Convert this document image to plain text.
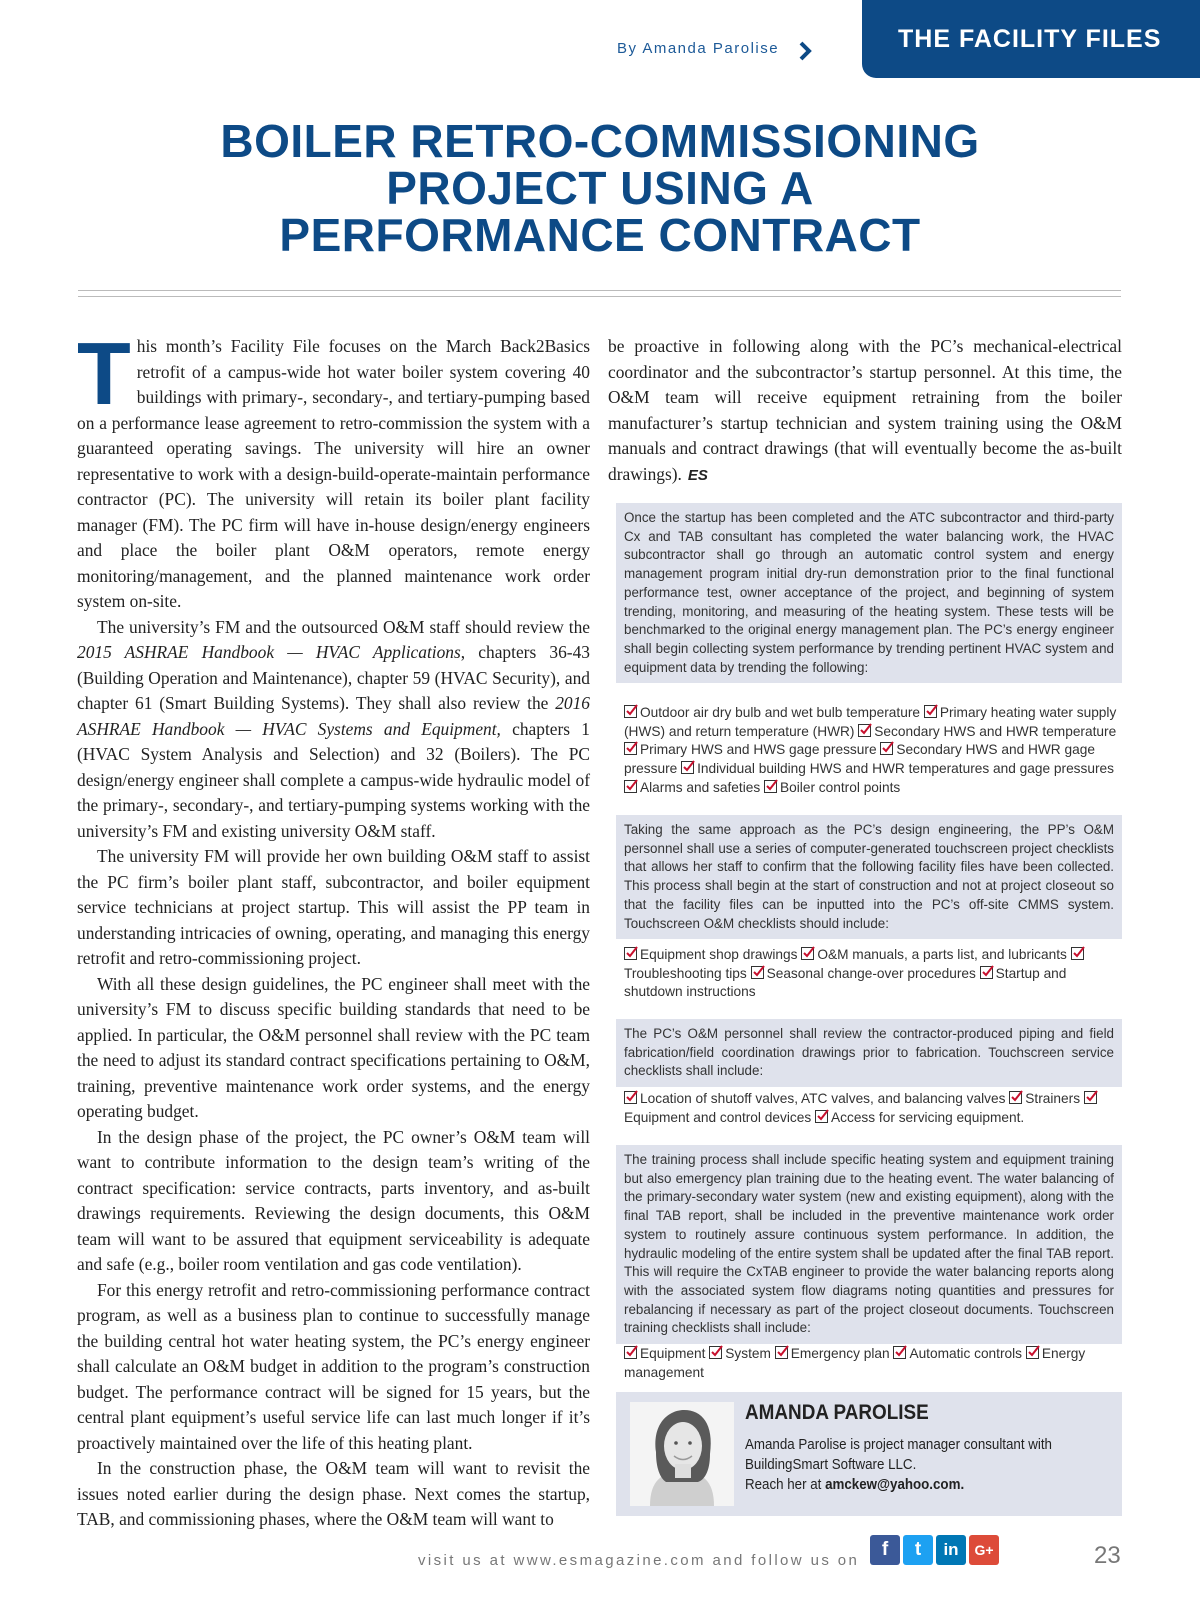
By Amanda Parolise	THE FACILITY FILES
BOILER RETRO-COMMISSIONING
PROJECT USING A
PERFORMANCE CONTRACT

This month’s Facility File focuses on the March Back2Basics retrofit of a campus-wide hot water boiler system covering 40 buildings with primary-, secondary-, and tertiary-pumping based on a performance lease agreement to retro-commission the system with a guaranteed operating savings. The university will hire an owner representative to work with a design-build-operate-maintain performance contractor (PC). The university will retain its boiler plant facility manager (FM). The PC firm will have in-house design/energy engineers and place the boiler plant O&M operators, remote energy monitoring/management, and the planned maintenance work order system on-site.

The university’s FM and the outsourced O&M staff should review the 2015 ASHRAE Handbook — HVAC Applications, chapters 36-43 (Building Operation and Maintenance), chapter 59 (HVAC Security), and chapter 61 (Smart Building Systems). They shall also review the 2016 ASHRAE Handbook — HVAC Systems and Equipment, chapters 1 (HVAC System Analysis and Selection) and 32 (Boilers). The PC design/energy engineer shall complete a campus-wide hydraulic model of the primary-, secondary-, and tertiary-pumping systems working with the university’s FM and existing university O&M staff.

The university FM will provide her own building O&M staff to assist the PC firm’s boiler plant staff, subcontractor, and boiler equipment service technicians at project startup. This will assist the PP team in understanding intricacies of owning, operating, and managing this energy retrofit and retro-commissioning project.

With all these design guidelines, the PC engineer shall meet with the university’s FM to discuss specific building standards that need to be applied. In particular, the O&M personnel shall review with the PC team the need to adjust its standard contract specifications pertaining to O&M, training, preventive maintenance work order systems, and the energy operating budget.

In the design phase of the project, the PC owner’s O&M team will want to contribute information to the design team’s writing of the contract specification: service contracts, parts inventory, and as-built drawings requirements. Reviewing the design documents, this O&M team will want to be assured that equipment serviceability is adequate and safe (e.g., boiler room ventilation and gas code ventilation).

For this energy retrofit and retro-commissioning performance contract program, as well as a business plan to continue to successfully manage the building central hot water heating system, the PC’s energy engineer shall calculate an O&M budget in addition to the program’s construction budget. The performance contract will be signed for 15 years, but the central plant equipment’s useful service life can last much longer if it’s proactively maintained over the life of this heating plant.

In the construction phase, the O&M team will want to revisit the issues noted earlier during the design phase. Next comes the startup, TAB, and commissioning phases, where the O&M team will want to

be proactive in following along with the PC’s mechanical-electrical coordinator and the subcontractor’s startup personnel. At this time, the O&M team will receive equipment retraining from the boiler manufacturer’s startup technician and system training using the O&M manuals and contract drawings (that will eventually become the as-built drawings). ES

Once the startup has been completed and the ATC subcontractor and third-party Cx and TAB consultant has completed the water balancing work, the HVAC subcontractor shall go through an automatic control system and energy management program initial dry-run demonstration prior to the final functional performance test, owner acceptance of the project, and beginning of system trending, monitoring, and measuring of the heating system. These tests will be benchmarked to the original energy management plan. The PC’s energy engineer shall begin collecting system performance by trending pertinent HVAC system and equipment data by trending the following:
Outdoor air dry bulb and wet bulb temperature Primary heating water supply (HWS) and return temperature (HWR) Secondary HWS and HWR temperature
Primary HWS and HWS gage pressure Secondary HWS and HWR gage pressure Individual building HWS and HWR temperatures and gage pressures
Alarms and safeties Boiler control points
Taking the same approach as the PC’s design engineering, the PP’s O&M personnel shall use a series of computer-generated touchscreen project checklists that allows her staff to confirm that the following facility files have been collected. This process shall begin at the start of construction and not at project closeout so that the facility files can be inputted into the PC’s off-site CMMS system. Touchscreen O&M checklists should include:
Equipment shop drawings O&M manuals, a parts list, and lubricants
Troubleshooting tips Seasonal change-over procedures Startup and shutdown instructions
The PC’s O&M personnel shall review the contractor-produced piping and field fabrication/field coordination drawings prior to fabrication. Touchscreen service checklists shall include:
Location of shutoff valves, ATC valves, and balancing valves Strainers
Equipment and control devices Access for servicing equipment.
The training process shall include specific heating system and equipment training but also emergency plan training due to the heating event. The water balancing of the primary-secondary water system (new and existing equipment), along with the final TAB report, shall be included in the preventive maintenance work order system to routinely assure continuous system performance. In addition, the hydraulic modeling of the entire system shall be updated after the final TAB report. This will require the CxTAB engineer to provide the water balancing reports along with the associated system flow diagrams noting quantities and pressures for rebalancing if necessary as part of the project closeout documents. Touchscreen training checklists shall include:
Equipment System Emergency plan Automatic controls Energy management
AMANDA PAROLISE
Amanda Parolise is project manager consultant with BuildingSmart Software LLC.
Reach her at amckew@yahoo.com.
visit us at www.esmagazine.com and follow us on
f	t	in	G+	23
